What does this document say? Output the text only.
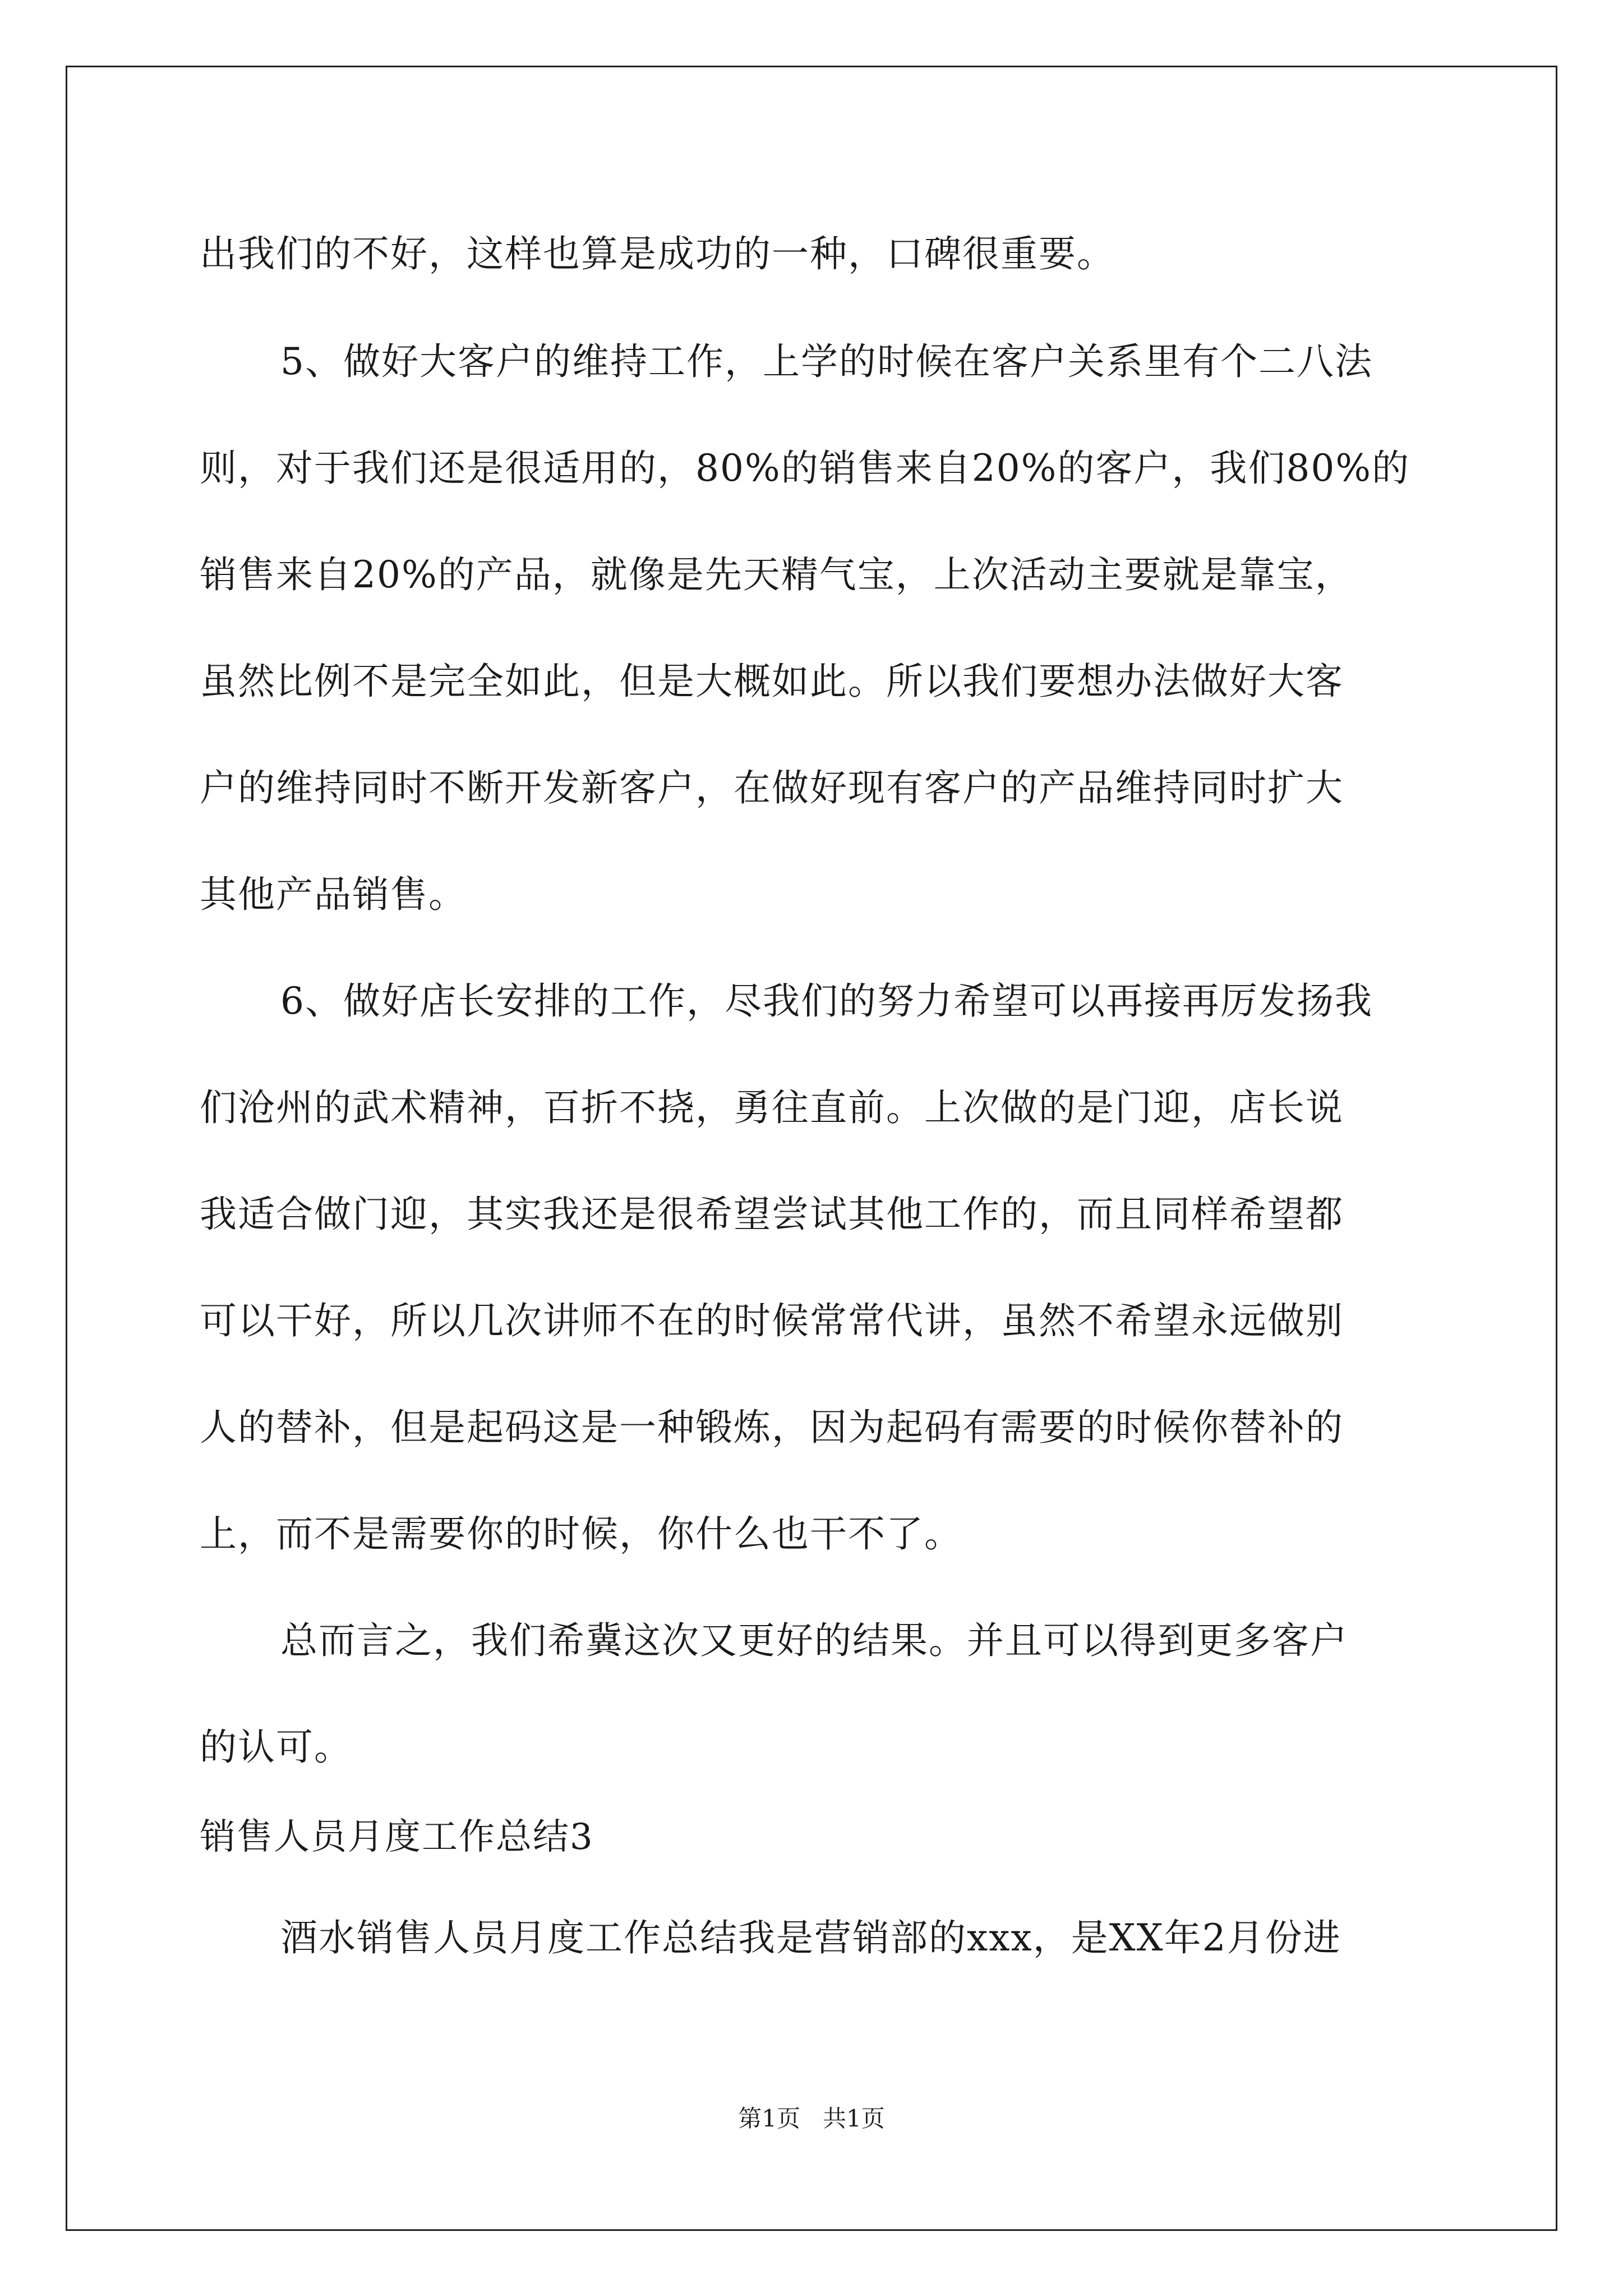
出我们的不好，这样也算是成功的一种，口碑很重要。
5、做好大客户的维持工作，上学的时候在客户关系里有个二八法
则，对于我们还是很适用的，80%的销售来自20%的客户，我们80%的
销售来自20%的产品，就像是先天精气宝，上次活动主要就是靠宝，
虽然比例不是完全如此，但是大概如此。所以我们要想办法做好大客
户的维持同时不断开发新客户，在做好现有客户的产品维持同时扩大
其他产品销售。
6、做好店长安排的工作，尽我们的努力希望可以再接再厉发扬我
们沧州的武术精神，百折不挠，勇往直前。上次做的是门迎，店长说
我适合做门迎，其实我还是很希望尝试其他工作的，而且同样希望都
可以干好，所以几次讲师不在的时候常常代讲，虽然不希望永远做别
人的替补，但是起码这是一种锻炼，因为起码有需要的时候你替补的
上，而不是需要你的时候，你什么也干不了。
总而言之，我们希冀这次又更好的结果。并且可以得到更多客户
的认可。
销售人员月度工作总结3
酒水销售人员月度工作总结我是营销部的xxx，是XX年2月份进
第1页 共1页
